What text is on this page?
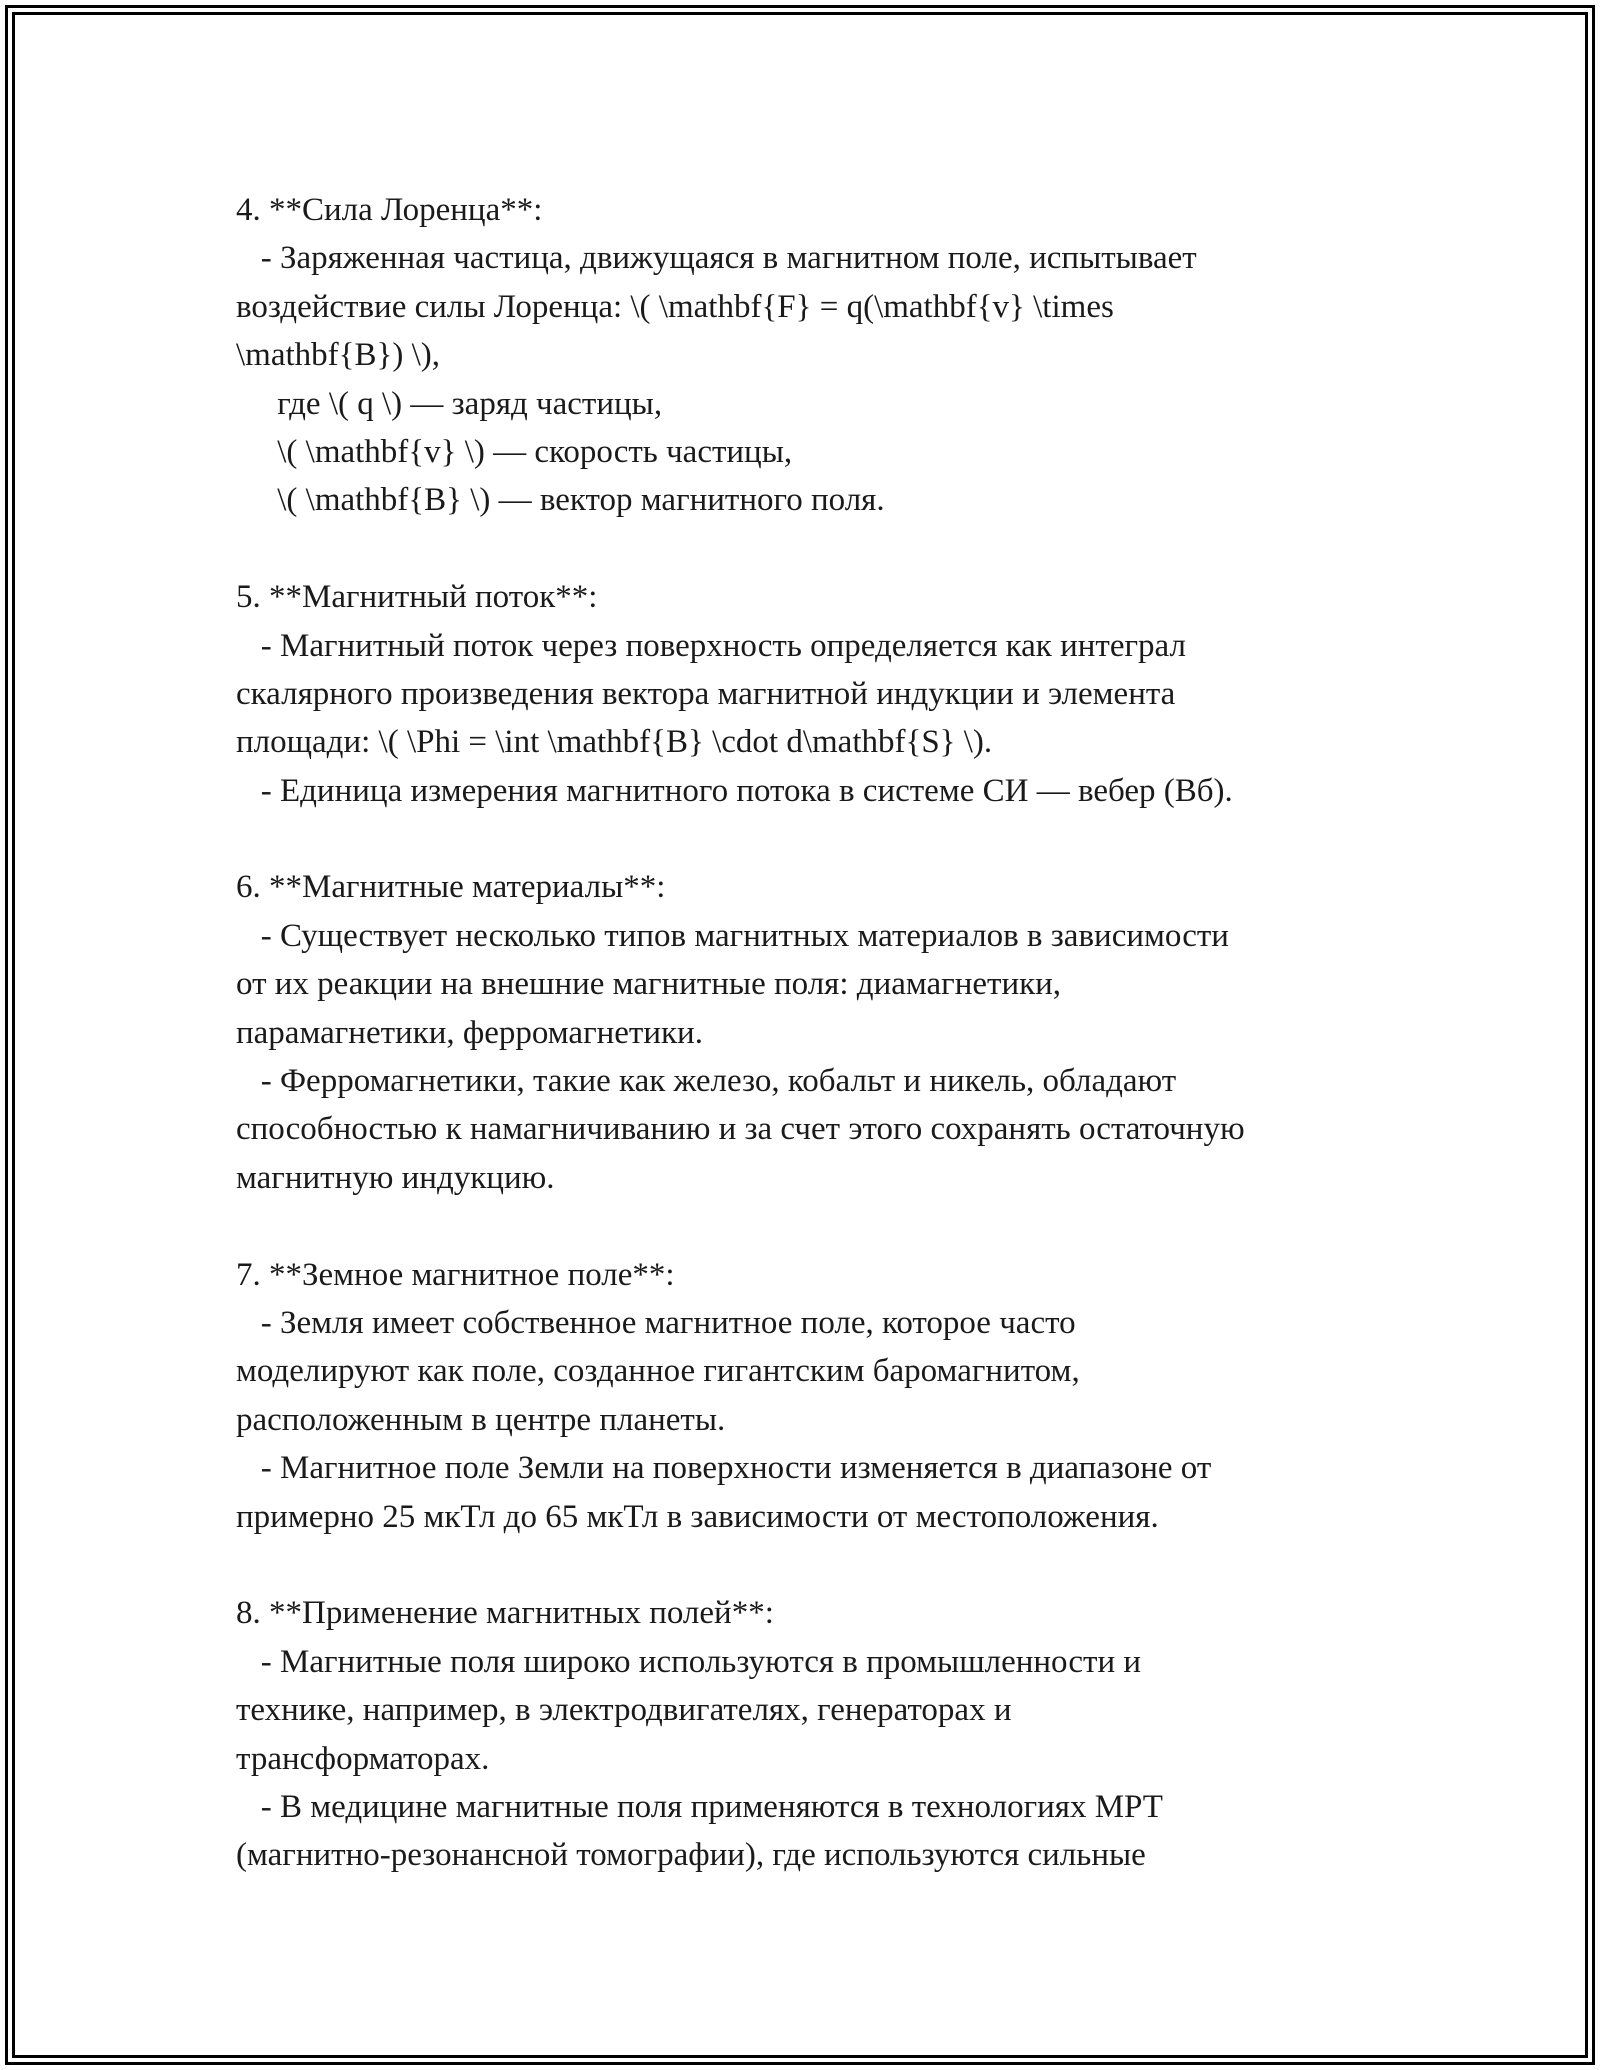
4. **Сила Лоренца**:
- Заряженная частица, движущаяся в магнитном поле, испытывает
воздействие силы Лоренца: \( \mathbf{F} = q(\mathbf{v} \times
\mathbf{B}) \),
где \( q \) — заряд частицы,
\( \mathbf{v} \) — скорость частицы,
\( \mathbf{B} \) — вектор магнитного поля.
5. **Магнитный поток**:
- Магнитный поток через поверхность определяется как интеграл
скалярного произведения вектора магнитной индукции и элемента
площади: \( \Phi = \int \mathbf{B} \cdot d\mathbf{S} \).
- Единица измерения магнитного потока в системе СИ — вебер (Вб).
6. **Магнитные материалы**:
- Существует несколько типов магнитных материалов в зависимости
от их реакции на внешние магнитные поля: диамагнетики,
парамагнетики, ферромагнетики.
- Ферромагнетики, такие как железо, кобальт и никель, обладают
способностью к намагничиванию и за счет этого сохранять остаточную
магнитную индукцию.
7. **Земное магнитное поле**:
- Земля имеет собственное магнитное поле, которое часто
моделируют как поле, созданное гигантским баромагнитом,
расположенным в центре планеты.
- Магнитное поле Земли на поверхности изменяется в диапазоне от
примерно 25 мкТл до 65 мкТл в зависимости от местоположения.
8. **Применение магнитных полей**:
- Магнитные поля широко используются в промышленности и
технике, например, в электродвигателях, генераторах и
трансформаторах.
- В медицине магнитные поля применяются в технологиях МРТ
(магнитно-резонансной томографии), где используются сильные
